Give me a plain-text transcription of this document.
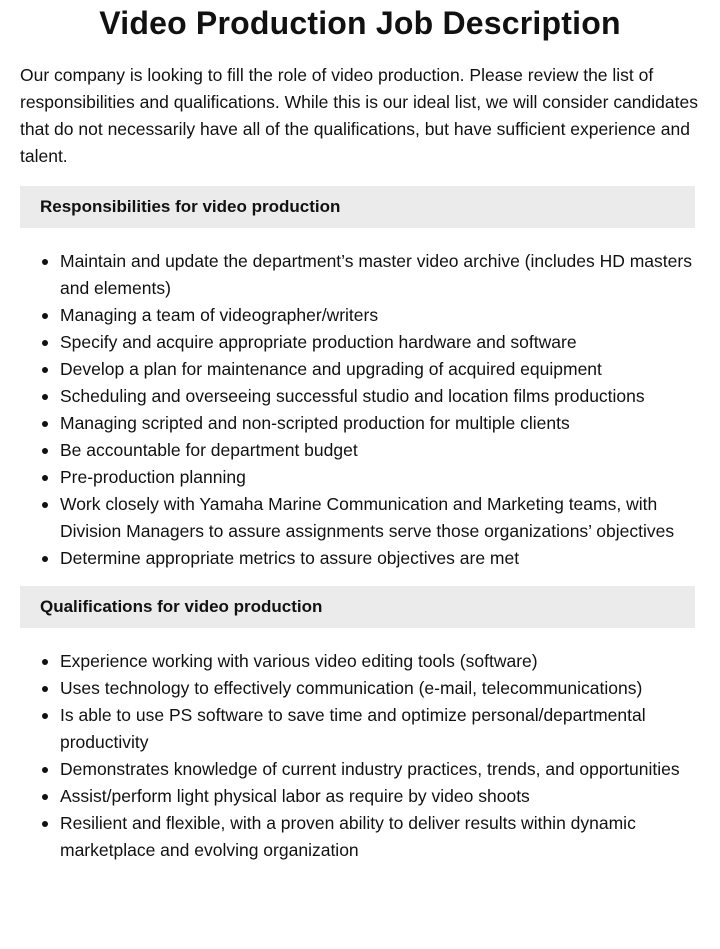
Video Production Job Description

Our company is looking to fill the role of video production. Please review the list of responsibilities and qualifications. While this is our ideal list, we will consider candidates that do not necessarily have all of the qualifications, but have sufficient experience and talent.

Responsibilities for video production
Maintain and update the department’s master video archive (includes HD masters and elements)
Managing a team of videographer/writers
Specify and acquire appropriate production hardware and software
Develop a plan for maintenance and upgrading of acquired equipment
Scheduling and overseeing successful studio and location films productions
Managing scripted and non-scripted production for multiple clients
Be accountable for department budget
Pre-production planning
Work closely with Yamaha Marine Communication and Marketing teams, with Division Managers to assure assignments serve those organizations’ objectives
Determine appropriate metrics to assure objectives are met
Qualifications for video production
Experience working with various video editing tools (software)
Uses technology to effectively communication (e-mail, telecommunications)
Is able to use PS software to save time and optimize personal/departmental productivity
Demonstrates knowledge of current industry practices, trends, and opportunities
Assist/perform light physical labor as require by video shoots
Resilient and flexible, with a proven ability to deliver results within dynamic marketplace and evolving organization
